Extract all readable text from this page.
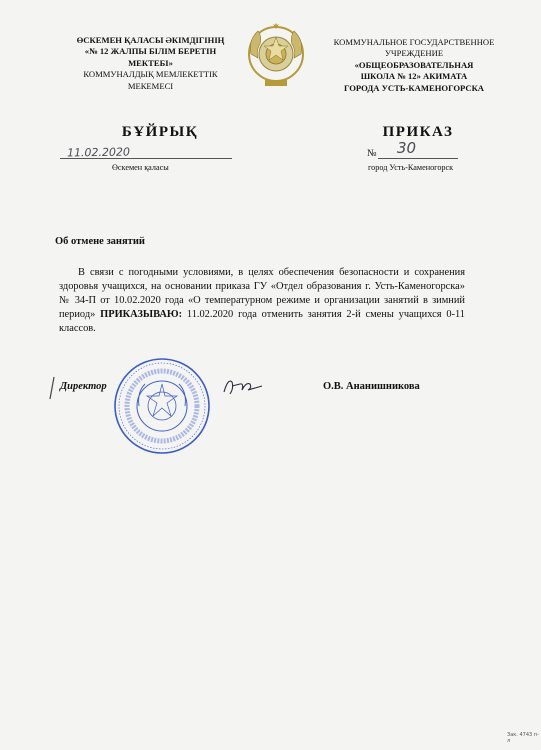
ӨСКЕМЕН ҚАЛАСЫ ӘКІМДІГІНІҢ
«№ 12 ЖАЛПЫ БІЛІМ БЕРЕТІН
МЕКТЕБІ»
КОММУНАЛДЫҚ МЕМЛЕКЕТТІК
МЕКЕМЕСІ
КОММУНАЛЬНОЕ ГОСУДАРСТВЕННОЕ
УЧРЕЖДЕНИЕ
«ОБЩЕОБРАЗОВАТЕЛЬНАЯ
ШКОЛА № 12» АКИМАТА
ГОРОДА УСТЬ-КАМЕНОГОРСКА
БҰЙРЫҚ	ПРИКАЗ
11.02.2020
Өскемен қаласы
№ 30
город Усть-Каменогорск
Об отмене занятий
В связи с погодными условиями, в целях обеспечения безопасности и сохранения здоровья учащихся, на основании приказа ГУ «Отдел образования г. Усть-Каменогорска» № 34-П от 10.02.2020 года «О температурном режиме и организации занятий в зимний период» ПРИКАЗЫВАЮ: 11.02.2020 года отменить занятия 2-й смены учащихся 0-11 классов.
Директор	О.В. Ананишникова
Зак. 4743 п-л
